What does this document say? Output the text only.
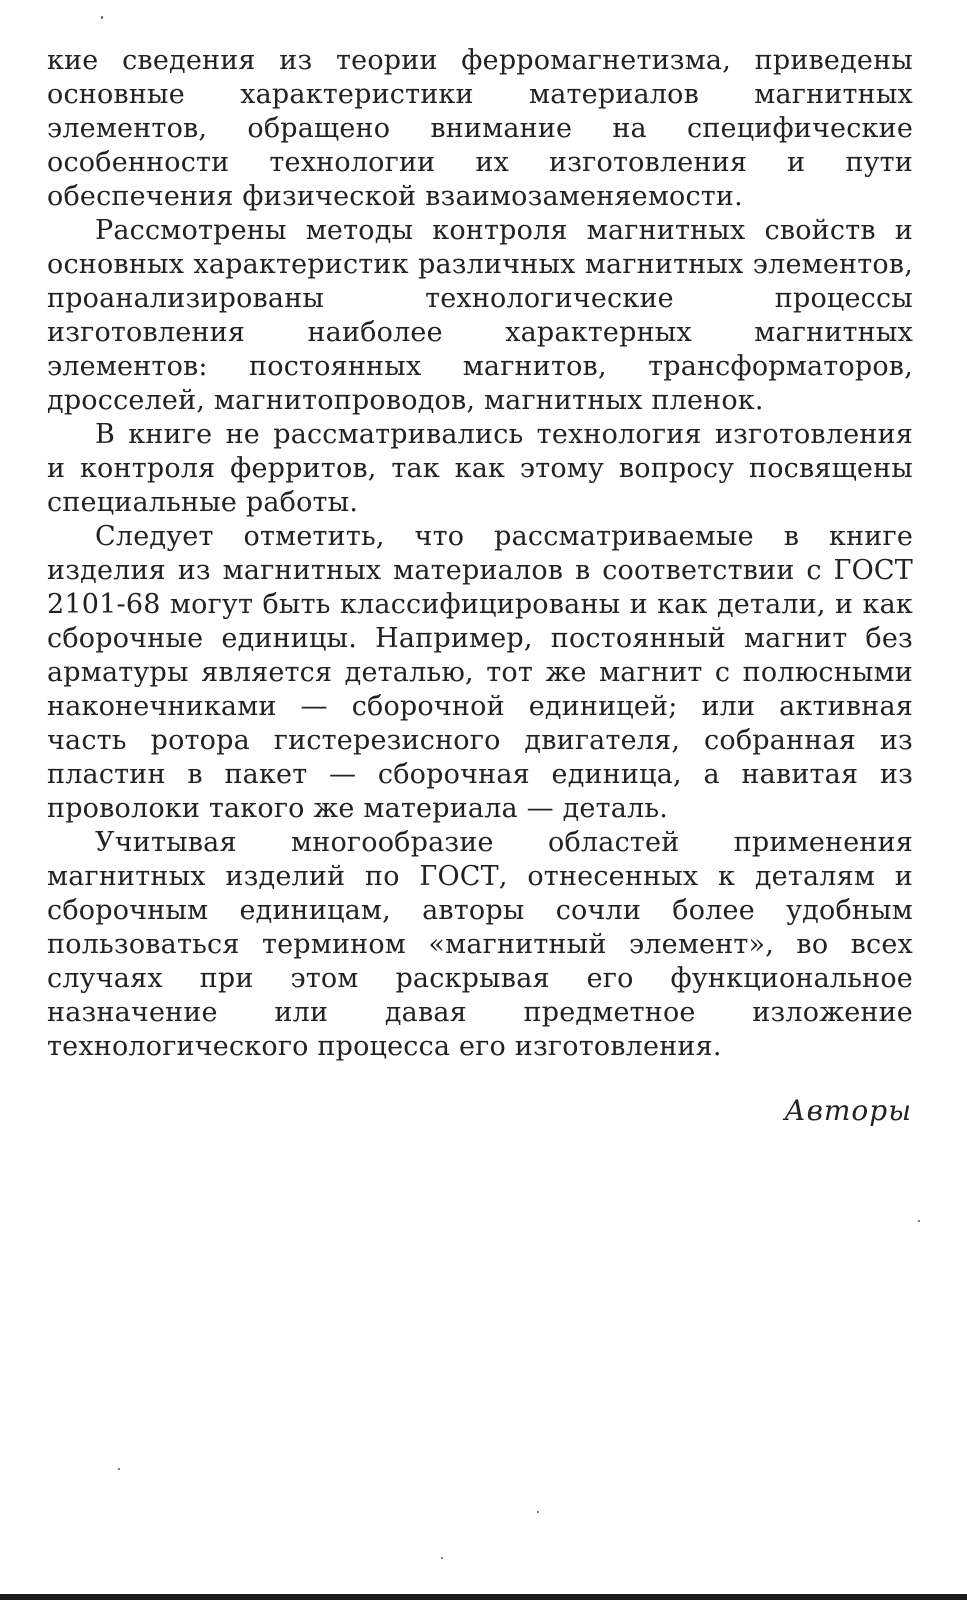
кие сведения из теории ферромагнетизма, приведены основные характеристики материалов магнитных элементов, обращено внимание на специфические особенности технологии их изготовления и пути обеспечения физической взаимозаменяемости.

Рассмотрены методы контроля магнитных свойств и основных характеристик различных магнитных элементов, проанализированы технологические процессы изготовления наиболее характерных магнитных элементов: постоянных магнитов, трансформаторов, дросселей, магнитопроводов, магнитных пленок.

В книге не рассматривались технология изготовления и контроля ферритов, так как этому вопросу посвящены специальные работы.

Следует отметить, что рассматриваемые в книге изделия из магнитных материалов в соответствии с ГОСТ 2101-68 могут быть классифицированы и как детали, и как сборочные единицы. Например, постоянный магнит без арматуры является деталью, тот же магнит с полюсными наконечниками — сборочной единицей; или активная часть ротора гистерезисного двигателя, собранная из пластин в пакет — сборочная единица, а навитая из проволоки такого же материала — деталь.

Учитывая многообразие областей применения магнитных изделий по ГОСТ, отнесенных к деталям и сборочным единицам, авторы сочли более удобным пользоваться термином «магнитный элемент», во всех случаях при этом раскрывая его функциональное назначение или давая предметное изложение технологического процесса его изготовления.

Авторы
